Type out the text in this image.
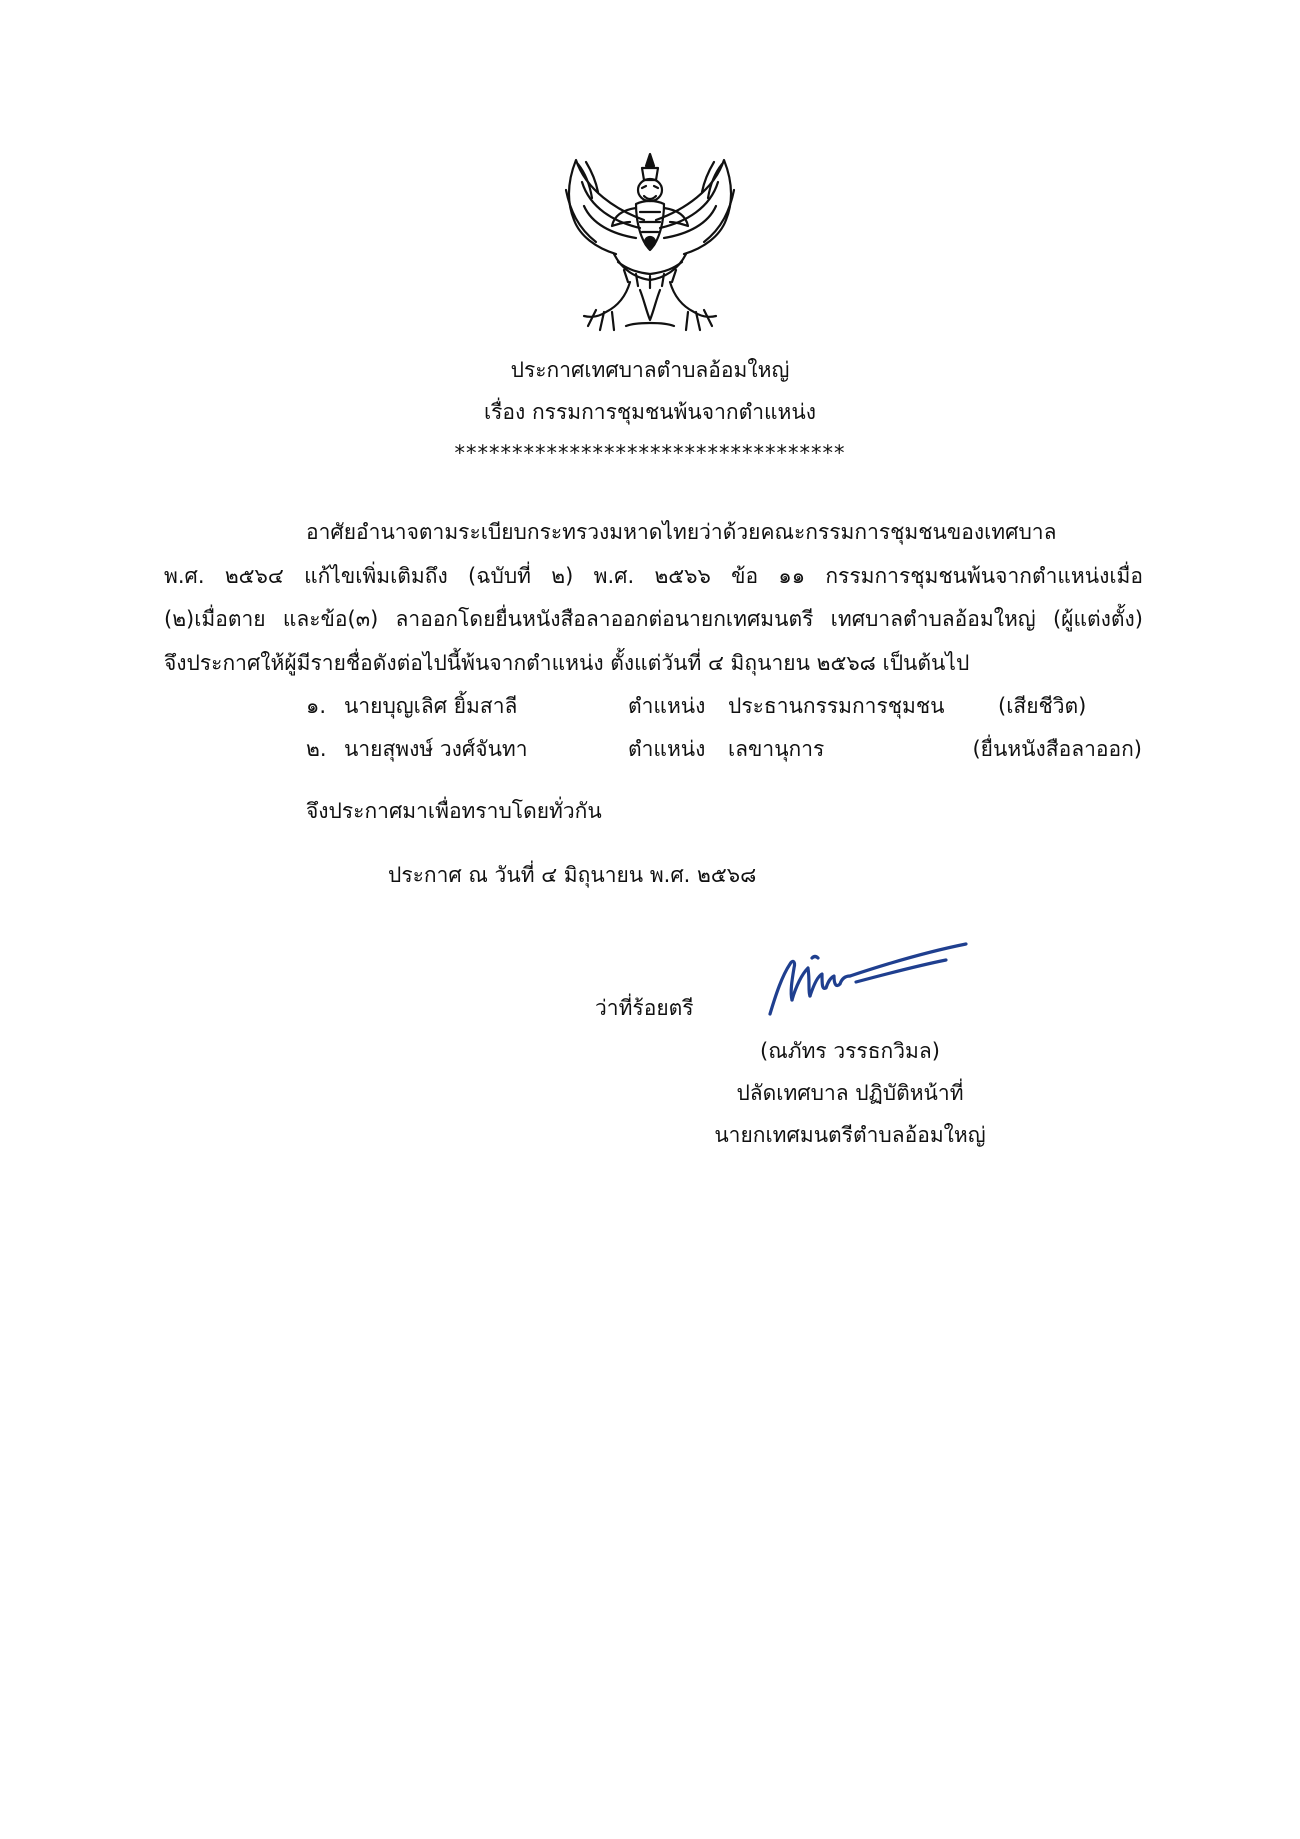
ประกาศเทศบาลตำบลอ้อมใหญ่
เรื่อง กรรมการชุมชนพ้นจากตำแหน่ง
**********************************
อาศัยอำนาจตามระเบียบกระทรวงมหาดไทยว่าด้วยคณะกรรมการชุมชนของเทศบาล
พ.ศ. ๒๕๖๔ แก้ไขเพิ่มเติมถึง (ฉบับที่ ๒) พ.ศ. ๒๕๖๖ ข้อ ๑๑ กรรมการชุมชนพ้นจากตำแหน่งเมื่อ
(๒)เมื่อตาย และข้อ(๓) ลาออกโดยยื่นหนังสือลาออกต่อนายกเทศมนตรี เทศบาลตำบลอ้อมใหญ่ (ผู้แต่งตั้ง)
จึงประกาศให้ผู้มีรายชื่อดังต่อไปนี้พ้นจากตำแหน่ง ตั้งแต่วันที่ ๔ มิถุนายน ๒๕๖๘ เป็นต้นไป
๑. นายบุญเลิศ ยิ้มสาลี	ตำแหน่ง ประธานกรรมการชุมชน	(เสียชีวิต)
๒. นายสุพงษ์ วงศ์จันทา	ตำแหน่ง เลขานุการ	(ยื่นหนังสือลาออก)
จึงประกาศมาเพื่อทราบโดยทั่วกัน
ประกาศ ณ วันที่ ๔ มิถุนายน พ.ศ. ๒๕๖๘
ว่าที่ร้อยตรี
(ณภัทร วรรธกวิมล)
ปลัดเทศบาล ปฏิบัติหน้าที่
นายกเทศมนตรีตำบลอ้อมใหญ่
